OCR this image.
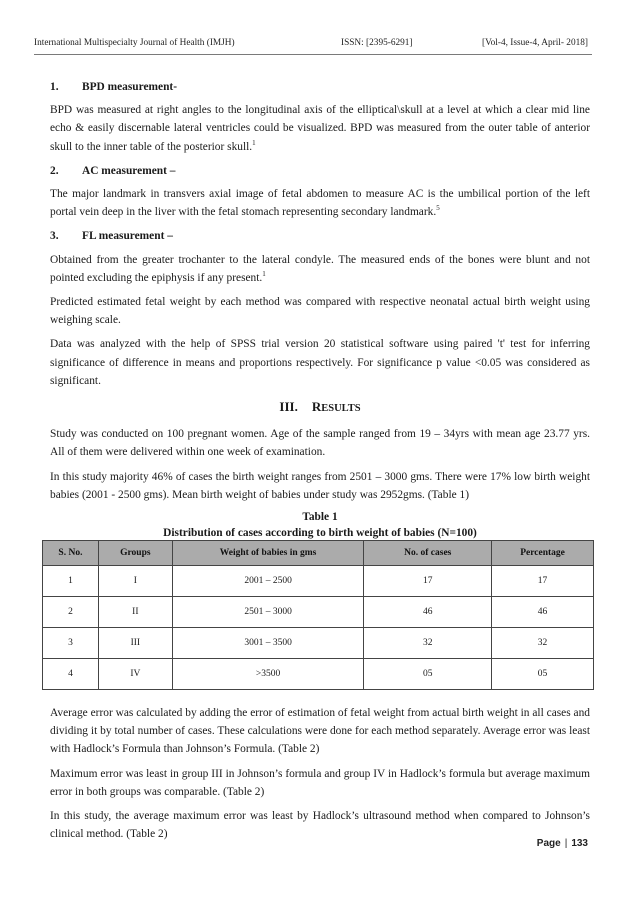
International Multispecialty Journal of Health (IMJH)	ISSN: [2395-6291]	[Vol-4, Issue-4, April- 2018]
1.	BPD measurement-

BPD was measured at right angles to the longitudinal axis of the elliptical\skull at a level at which a clear mid line echo & easily discernable lateral ventricles could be visualized. BPD was measured from the outer table of anterior skull to the inner table of the posterior skull.$^1$

2.	AC measurement –

The major landmark in transvers axial image of fetal abdomen to measure AC is the umbilical portion of the left portal vein deep in the liver with the fetal stomach representing secondary landmark.$^5$

3.	FL measurement –

Obtained from the greater trochanter to the lateral condyle. The measured ends of the bones were blunt and not pointed excluding the epiphysis if any present.$^1$

Predicted estimated fetal weight by each method was compared with respective neonatal actual birth weight using weighing scale.

Data was analyzed with the help of SPSS trial version 20 statistical software using paired 't' test for inferring significance of difference in means and proportions respectively. For significance p value <0.05 was considered as significant.

III. RESULTS

Study was conducted on 100 pregnant women. Age of the sample ranged from 19 – 34yrs with mean age 23.77 yrs. All of them were delivered within one week of examination.

In this study majority 46% of cases the birth weight ranges from 2501 – 3000 gms. There were 17% low birth weight babies (2001 - 2500 gms). Mean birth weight of babies under study was 2952gms. (Table 1)

Table 1
Distribution of cases according to birth weight of babies (N=100)
S. No.	Groups	Weight of babies in gms	No. of cases	Percentage
1	I	2001 – 2500	17	17
2	II	2501 – 3000	46	46
3	III	3001 – 3500	32	32
4	IV	>3500	05	05

Average error was calculated by adding the error of estimation of fetal weight from actual birth weight in all cases and dividing it by total number of cases. These calculations were done for each method separately. Average error was least with Hadlock’s Formula than Johnson’s Formula. (Table 2)

Maximum error was least in group III in Johnson’s formula and group IV in Hadlock’s formula but average maximum error in both groups was comparable. (Table 2)

In this study, the average maximum error was least by Hadlock’s ultrasound method when compared to Johnson’s clinical method. (Table 2)

Page | 133
